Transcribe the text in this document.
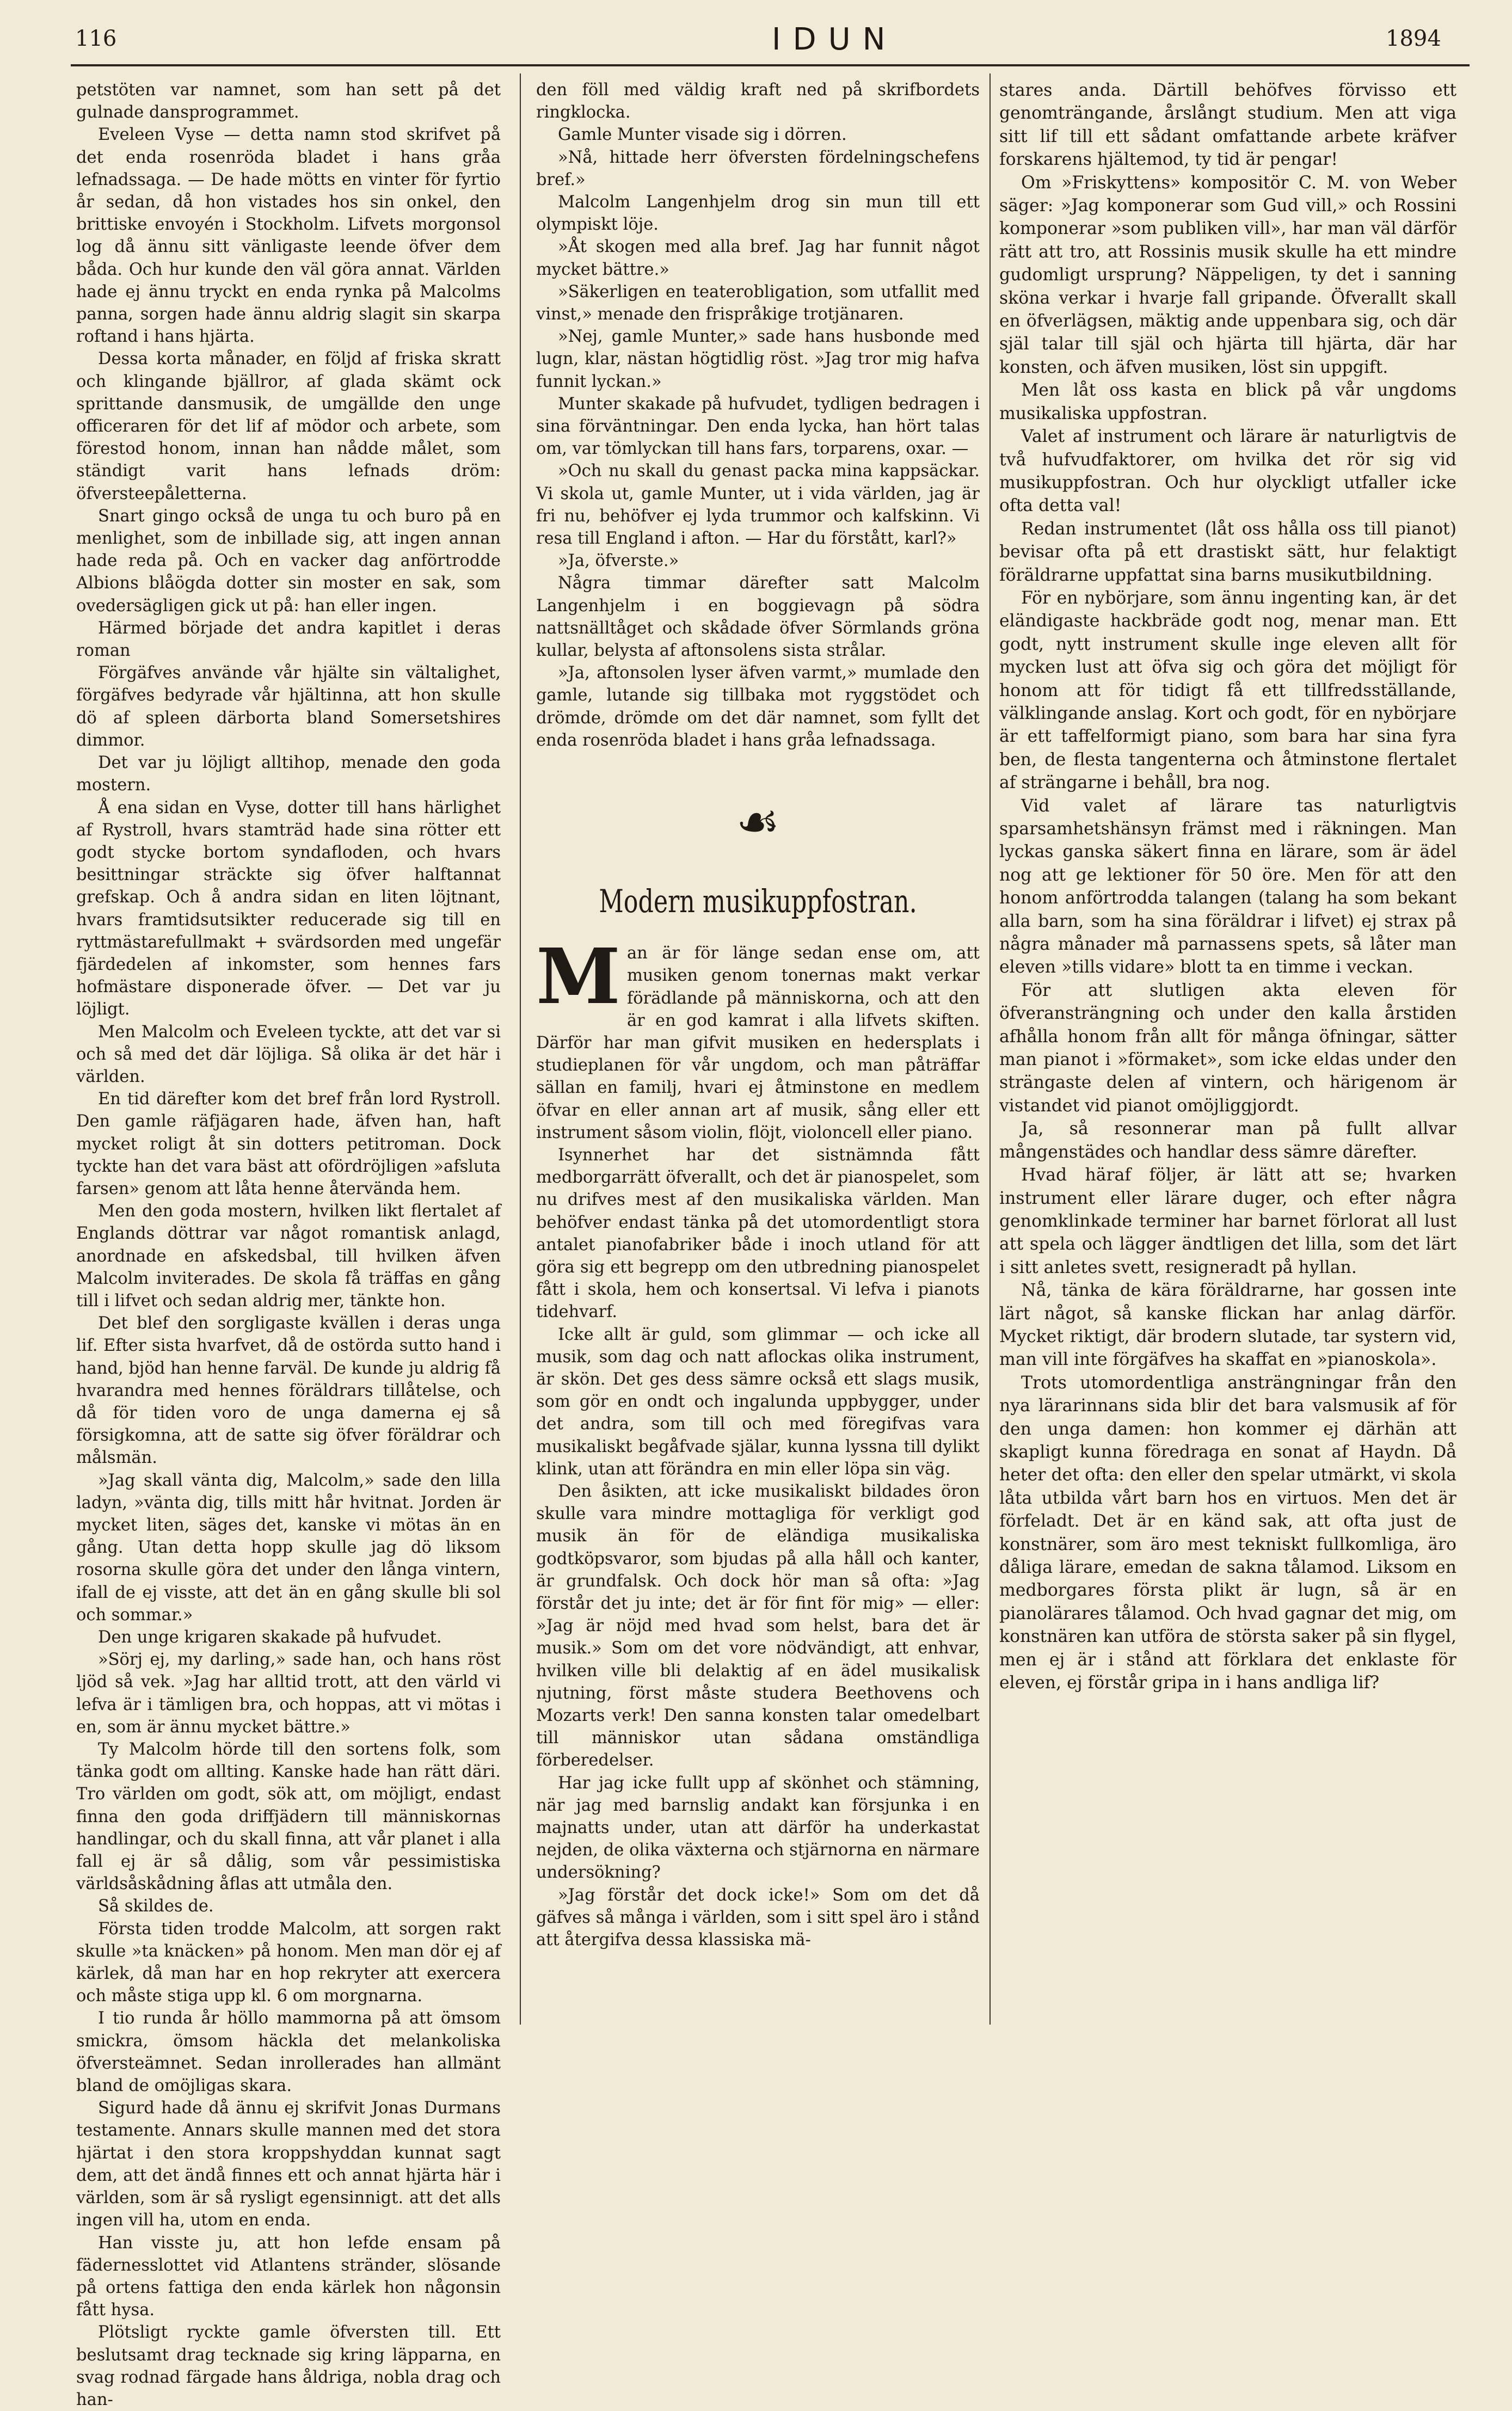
116	IDUN	1894

petstöten var namnet, som han sett på det gulnade dansprogrammet.

Eveleen Vyse — detta namn stod skrifvet på det enda rosenröda bladet i hans gråa lefnadssaga. — De hade mötts en vinter för fyrtio år sedan, då hon vistades hos sin onkel, den brittiske envoyén i Stockholm. Lifvets morgonsol log då ännu sitt vänligaste leende öfver dem båda. Och hur kunde den väl göra annat. Världen hade ej ännu tryckt en enda rynka på Malcolms panna, sorgen hade ännu aldrig slagit sin skarpa roftand i hans hjärta.

Dessa korta månader, en följd af friska skratt och klingande bjällror, af glada skämt ock sprittande dansmusik, de umgällde den unge officeraren för det lif af mödor och arbete, som förestod honom, innan han nådde målet, som ständigt varit hans lefnads dröm: öfversteepåletterna.

Snart gingo också de unga tu och buro på en menlighet, som de inbillade sig, att ingen annan hade reda på. Och en vacker dag anförtrodde Albions blåögda dotter sin moster en sak, som ovedersägligen gick ut på: han eller ingen.

Härmed började det andra kapitlet i deras roman

Förgäfves använde vår hjälte sin vältalighet, förgäfves bedyrade vår hjältinna, att hon skulle dö af spleen därborta bland Somersetshires dimmor.

Det var ju löjligt alltihop, menade den goda mostern.

Å ena sidan en Vyse, dotter till hans härlighet af Rystroll, hvars stamträd hade sina rötter ett godt stycke bortom syndafloden, och hvars besittningar sträckte sig öfver halftannat grefskap. Och å andra sidan en liten löjtnant, hvars framtidsutsikter reducerade sig till en ryttmästarefullmakt + svärdsorden med ungefär fjärdedelen af inkomster, som hennes fars hofmästare disponerade öfver. — Det var ju löjligt.

Men Malcolm och Eveleen tyckte, att det var si och så med det där löjliga. Så olika är det här i världen.

En tid därefter kom det bref från lord Rystroll. Den gamle räfjägaren hade, äfven han, haft mycket roligt åt sin dotters petitroman. Dock tyckte han det vara bäst att ofördröjligen »afsluta farsen» genom att låta henne återvända hem.

Men den goda mostern, hvilken likt flertalet af Englands döttrar var något romantisk anlagd, anordnade en afskedsbal, till hvilken äfven Malcolm inviterades. De skola få träffas en gång till i lifvet och sedan aldrig mer, tänkte hon.

Det blef den sorgligaste kvällen i deras unga lif. Efter sista hvarfvet, då de ostörda sutto hand i hand, bjöd han henne farväl. De kunde ju aldrig få hvarandra med hennes föräldrars tillåtelse, och då för tiden voro de unga damerna ej så försigkomna, att de satte sig öfver föräldrar och målsmän.

»Jag skall vänta dig, Malcolm,» sade den lilla ladyn, »vänta dig, tills mitt hår hvitnat. Jorden är mycket liten, säges det, kanske vi mötas än en gång. Utan detta hopp skulle jag dö liksom rosorna skulle göra det under den långa vintern, ifall de ej visste, att det än en gång skulle bli sol och sommar.»

Den unge krigaren skakade på hufvudet.

»Sörj ej, my darling,» sade han, och hans röst ljöd så vek. »Jag har alltid trott, att den värld vi lefva är i tämligen bra, och hoppas, att vi mötas i en, som är ännu mycket bättre.»

Ty Malcolm hörde till den sortens folk, som tänka godt om allting. Kanske hade han rätt däri. Tro världen om godt, sök att, om möjligt, endast finna den goda driffjädern till människornas handlingar, och du skall finna, att vår planet i alla fall ej är så dålig, som vår pessimistiska världsåskådning åflas att utmåla den.

Så skildes de.

Första tiden trodde Malcolm, att sorgen rakt skulle »ta knäcken» på honom. Men man dör ej af kärlek, då man har en hop rekryter att exercera och måste stiga upp kl. 6 om morgnarna.

I tio runda år höllo mammorna på att ömsom smickra, ömsom häckla det melankoliska öfversteämnet. Sedan inrollerades han allmänt bland de omöjligas skara.

Sigurd hade då ännu ej skrifvit Jonas Durmans testamente. Annars skulle mannen med det stora hjärtat i den stora kroppshyddan kunnat sagt dem, att det ändå finnes ett och annat hjärta här i världen, som är så rysligt egensinnigt. att det alls ingen vill ha, utom en enda.

Han visste ju, att hon lefde ensam på fädernesslottet vid Atlantens stränder, slösande på ortens fattiga den enda kärlek hon någonsin fått hysa.

Plötsligt ryckte gamle öfversten till. Ett beslutsamt drag tecknade sig kring läpparna, en svag rodnad färgade hans åldriga, nobla drag och han-

den föll med väldig kraft ned på skrifbordets ringklocka.

Gamle Munter visade sig i dörren.

»Nå, hittade herr öfversten fördelningschefens bref.»

Malcolm Langenhjelm drog sin mun till ett olympiskt löje.

»Åt skogen med alla bref. Jag har funnit något mycket bättre.»

»Säkerligen en teaterobligation, som utfallit med vinst,» menade den frispråkige trotjänaren.

»Nej, gamle Munter,» sade hans husbonde med lugn, klar, nästan högtidlig röst. »Jag tror mig hafva funnit lyckan.»

Munter skakade på hufvudet, tydligen bedragen i sina förväntningar. Den enda lycka, han hört talas om, var tömlyckan till hans fars, torparens, oxar. —

»Och nu skall du genast packa mina kappsäckar. Vi skola ut, gamle Munter, ut i vida världen, jag är fri nu, behöfver ej lyda trummor och kalfskinn. Vi resa till England i afton. — Har du förstått, karl?»

»Ja, öfverste.»

Några timmar därefter satt Malcolm Langenhjelm i en boggievagn på södra nattsnälltåget och skådade öfver Sörmlands gröna kullar, belysta af aftonsolens sista strålar.

»Ja, aftonsolen lyser äfven varmt,» mumlade den gamle, lutande sig tillbaka mot ryggstödet och drömde, drömde om det där namnet, som fyllt det enda rosenröda bladet i hans gråa lefnadssaga.

☙
Modern musikuppfostran.

Man är för länge sedan ense om, att musiken genom tonernas makt verkar förädlande på människorna, och att den är en god kamrat i alla lifvets skiften. Därför har man gifvit musiken en hedersplats i studieplanen för vår ungdom, och man påträffar sällan en familj, hvari ej åtminstone en medlem öfvar en eller annan art af musik, sång eller ett instrument såsom violin, flöjt, violoncell eller piano.

Isynnerhet har det sistnämnda fått medborgarrätt öfverallt, och det är pianospelet, som nu drifves mest af den musikaliska världen. Man behöfver endast tänka på det utomordentligt stora antalet pianofabriker både i inoch utland för att göra sig ett begrepp om den utbredning pianospelet fått i skola, hem och konsertsal. Vi lefva i pianots tidehvarf.

Icke allt är guld, som glimmar — och icke all musik, som dag och natt aflockas olika instrument, är skön. Det ges dess sämre också ett slags musik, som gör en ondt och ingalunda uppbygger, under det andra, som till och med föregifvas vara musikaliskt begåfvade själar, kunna lyssna till dylikt klink, utan att förändra en min eller löpa sin väg.

Den åsikten, att icke musikaliskt bildades öron skulle vara mindre mottagliga för verkligt god musik än för de eländiga musikaliska godtköpsvaror, som bjudas på alla håll och kanter, är grundfalsk. Och dock hör man så ofta: »Jag förstår det ju inte; det är för fint för mig» — eller: »Jag är nöjd med hvad som helst, bara det är musik.» Som om det vore nödvändigt, att enhvar, hvilken ville bli delaktig af en ädel musikalisk njutning, först måste studera Beethovens och Mozarts verk! Den sanna konsten talar omedelbart till människor utan sådana omständliga förberedelser.

Har jag icke fullt upp af skönhet och stämning, när jag med barnslig andakt kan försjunka i en majnatts under, utan att därför ha underkastat nejden, de olika växterna och stjärnorna en närmare undersökning?

»Jag förstår det dock icke!» Som om det då gäfves så många i världen, som i sitt spel äro i stånd att återgifva dessa klassiska mä-

stares anda. Därtill behöfves förvisso ett genomträngande, årslångt studium. Men att viga sitt lif till ett sådant omfattande arbete kräfver forskarens hjältemod, ty tid är pengar!

Om »Friskyttens» kompositör C. M. von Weber säger: »Jag komponerar som Gud vill,» och Rossini komponerar »som publiken vill», har man väl därför rätt att tro, att Rossinis musik skulle ha ett mindre gudomligt ursprung? Näppeligen, ty det i sanning sköna verkar i hvarje fall gripande. Öfverallt skall en öfverlägsen, mäktig ande uppenbara sig, och där själ talar till själ och hjärta till hjärta, där har konsten, och äfven musiken, löst sin uppgift.

Men låt oss kasta en blick på vår ungdoms musikaliska uppfostran.

Valet af instrument och lärare är naturligtvis de två hufvudfaktorer, om hvilka det rör sig vid musikuppfostran. Och hur olyckligt utfaller icke ofta detta val!

Redan instrumentet (låt oss hålla oss till pianot) bevisar ofta på ett drastiskt sätt, hur felaktigt föräldrarne uppfattat sina barns musikutbildning.

För en nybörjare, som ännu ingenting kan, är det eländigaste hackbräde godt nog, menar man. Ett godt, nytt instrument skulle inge eleven allt för mycken lust att öfva sig och göra det möjligt för honom att för tidigt få ett tillfredsställande, välklingande anslag. Kort och godt, för en nybörjare är ett taffelformigt piano, som bara har sina fyra ben, de flesta tangenterna och åtminstone flertalet af strängarne i behåll, bra nog.

Vid valet af lärare tas naturligtvis sparsamhetshänsyn främst med i räkningen. Man lyckas ganska säkert finna en lärare, som är ädel nog att ge lektioner för 50 öre. Men för att den honom anförtrodda talangen (talang ha som bekant alla barn, som ha sina föräldrar i lifvet) ej strax på några månader må parnassens spets, så låter man eleven »tills vidare» blott ta en timme i veckan.

För att slutligen akta eleven för öfveransträngning och under den kalla årstiden afhålla honom från allt för många öfningar, sätter man pianot i »förmaket», som icke eldas under den strängaste delen af vintern, och härigenom är vistandet vid pianot omöjliggjordt.

Ja, så resonnerar man på fullt allvar mångenstädes och handlar dess sämre därefter.

Hvad häraf följer, är lätt att se; hvarken instrument eller lärare duger, och efter några genomklinkade terminer har barnet förlorat all lust att spela och lägger ändtligen det lilla, som det lärt i sitt anletes svett, resigneradt på hyllan.

Nå, tänka de kära föräldrarne, har gossen inte lärt något, så kanske flickan har anlag därför. Mycket riktigt, där brodern slutade, tar systern vid, man vill inte förgäfves ha skaffat en »pianoskola».

Trots utomordentliga ansträngningar från den nya lärarinnans sida blir det bara valsmusik af för den unga damen: hon kommer ej därhän att skapligt kunna föredraga en sonat af Haydn. Då heter det ofta: den eller den spelar utmärkt, vi skola låta utbilda vårt barn hos en virtuos. Men det är förfeladt. Det är en känd sak, att ofta just de konstnärer, som äro mest tekniskt fullkomliga, äro dåliga lärare, emedan de sakna tålamod. Liksom en medborgares första plikt är lugn, så är en pianolärares tålamod. Och hvad gagnar det mig, om konstnären kan utföra de största saker på sin flygel, men ej är i stånd att förklara det enklaste för eleven, ej förstår gripa in i hans andliga lif?
